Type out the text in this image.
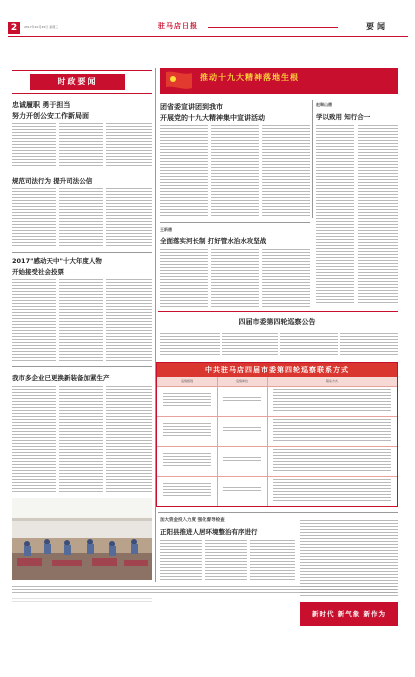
2	2017年10月25日 星期三	驻马店日报	要闻
时政要闻
忠诚履职 勇于担当
努力开创公安工作新局面
规范司法行为 提升司法公信
2017"感动天中"十大年度人物
开始接受社会投票
我市多企业已更换新装备加紧生产
推动十九大精神落地生根
团省委宣讲团到我市
开展党的十九大精神集中宣讲活动
赵琳山德
学以致用 知行合一
王新德
全面落实河长制 打好管水治水攻坚战
四届市委第四轮巡察公告
中共驻马店四届市委第四轮巡察联系方式
巡察组别	巡察单位	联系方式
加大资金投入力度 强化督导检查
正阳县推进人居环境整治有序进行
新时代 新气象 新作为
